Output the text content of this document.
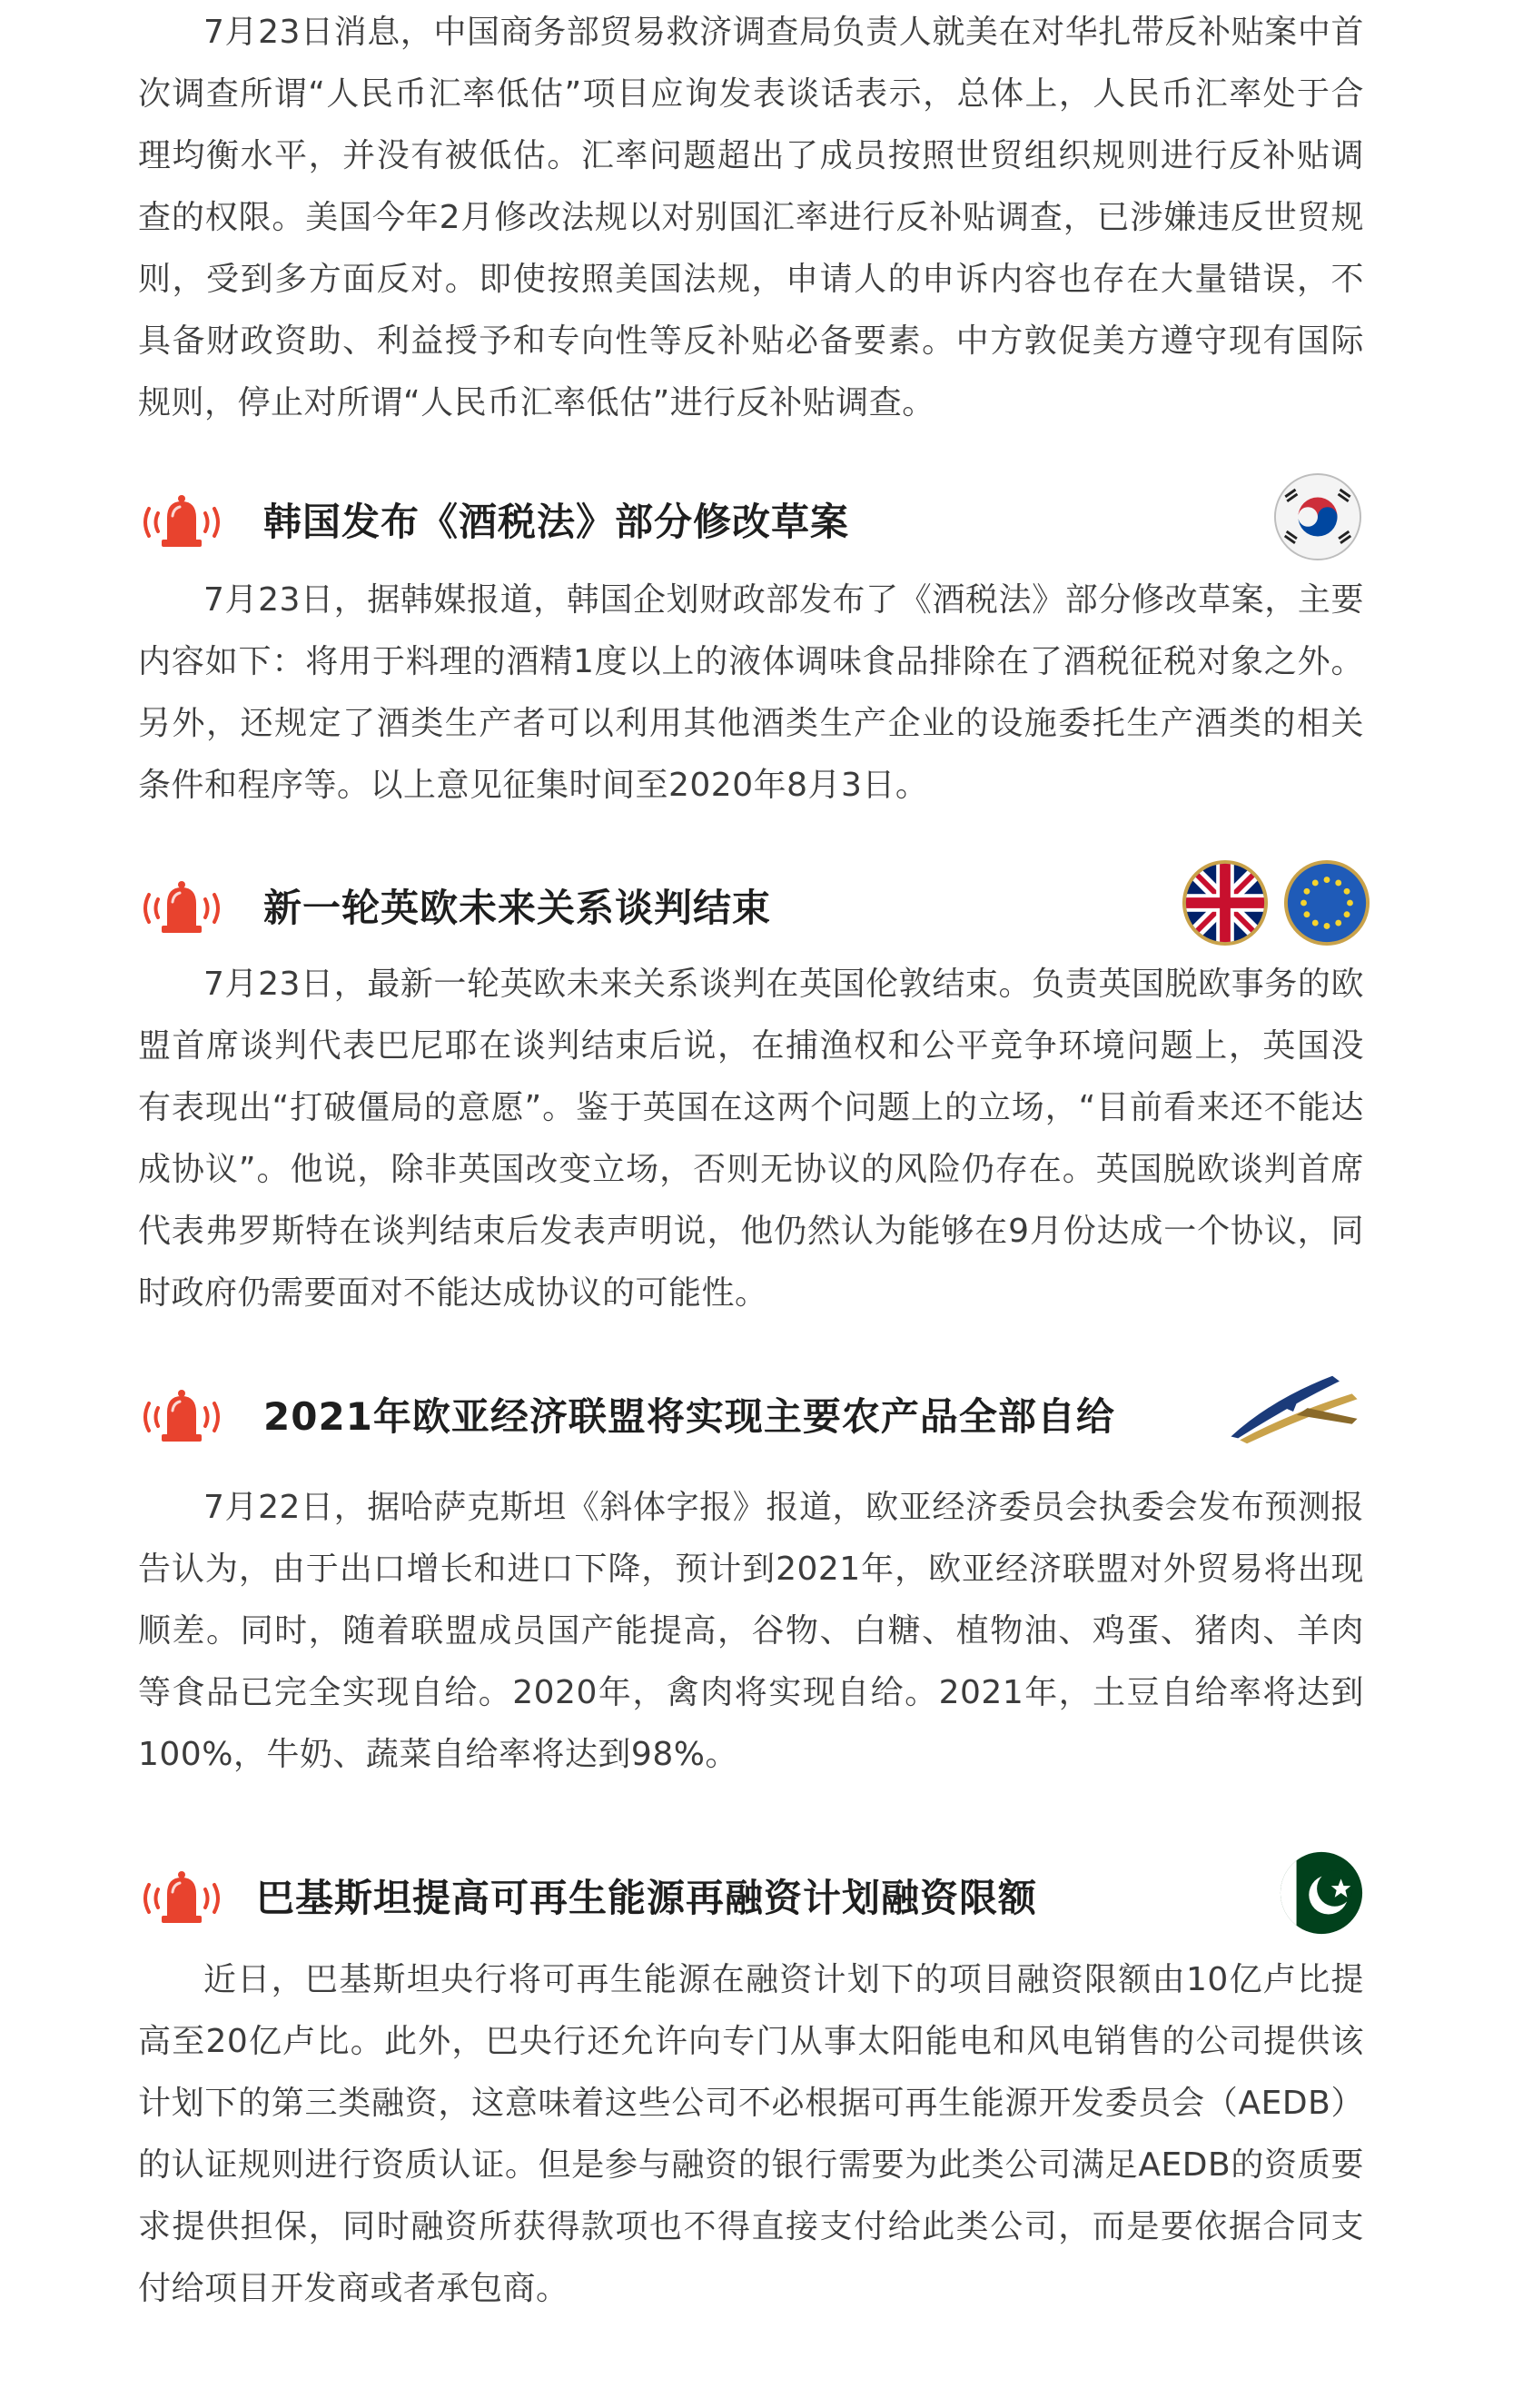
7月23日消息，中国商务部贸易救济调查局负责人就美在对华扎带反补贴案中首次调查所谓“人民币汇率低估”项目应询发表谈话表示，总体上，人民币汇率处于合理均衡水平，并没有被低估。汇率问题超出了成员按照世贸组织规则进行反补贴调查的权限。美国今年2月修改法规以对别国汇率进行反补贴调查，已涉嫌违反世贸规则，受到多方面反对。即使按照美国法规，申请人的申诉内容也存在大量错误，不具备财政资助、利益授予和专向性等反补贴必备要素。中方敦促美方遵守现有国际规则，停止对所谓“人民币汇率低估”进行反补贴调查。

韩国发布《酒税法》部分修改草案

7月23日，据韩媒报道，韩国企划财政部发布了《酒税法》部分修改草案，主要内容如下：将用于料理的酒精1度以上的液体调味食品排除在了酒税征税对象之外。另外，还规定了酒类生产者可以利用其他酒类生产企业的设施委托生产酒类的相关条件和程序等。以上意见征集时间至2020年8月3日。

新一轮英欧未来关系谈判结束

7月23日，最新一轮英欧未来关系谈判在英国伦敦结束。负责英国脱欧事务的欧盟首席谈判代表巴尼耶在谈判结束后说，在捕渔权和公平竞争环境问题上，英国没有表现出“打破僵局的意愿”。鉴于英国在这两个问题上的立场，“目前看来还不能达成协议”。他说，除非英国改变立场，否则无协议的风险仍存在。英国脱欧谈判首席代表弗罗斯特在谈判结束后发表声明说，他仍然认为能够在9月份达成一个协议，同时政府仍需要面对不能达成协议的可能性。

2021年欧亚经济联盟将实现主要农产品全部自给

7月22日，据哈萨克斯坦《斜体字报》报道，欧亚经济委员会执委会发布预测报告认为，由于出口增长和进口下降，预计到2021年，欧亚经济联盟对外贸易将出现顺差。同时，随着联盟成员国产能提高，谷物、白糖、植物油、鸡蛋、猪肉、羊肉等食品已完全实现自给。2020年，禽肉将实现自给。2021年，土豆自给率将达到100%，牛奶、蔬菜自给率将达到98%。

巴基斯坦提高可再生能源再融资计划融资限额

近日，巴基斯坦央行将可再生能源在融资计划下的项目融资限额由10亿卢比提高至20亿卢比。此外，巴央行还允许向专门从事太阳能电和风电销售的公司提供该计划下的第三类融资，这意味着这些公司不必根据可再生能源开发委员会（AEDB）的认证规则进行资质认证。但是参与融资的银行需要为此类公司满足AEDB的资质要求提供担保，同时融资所获得款项也不得直接支付给此类公司，而是要依据合同支付给项目开发商或者承包商。
